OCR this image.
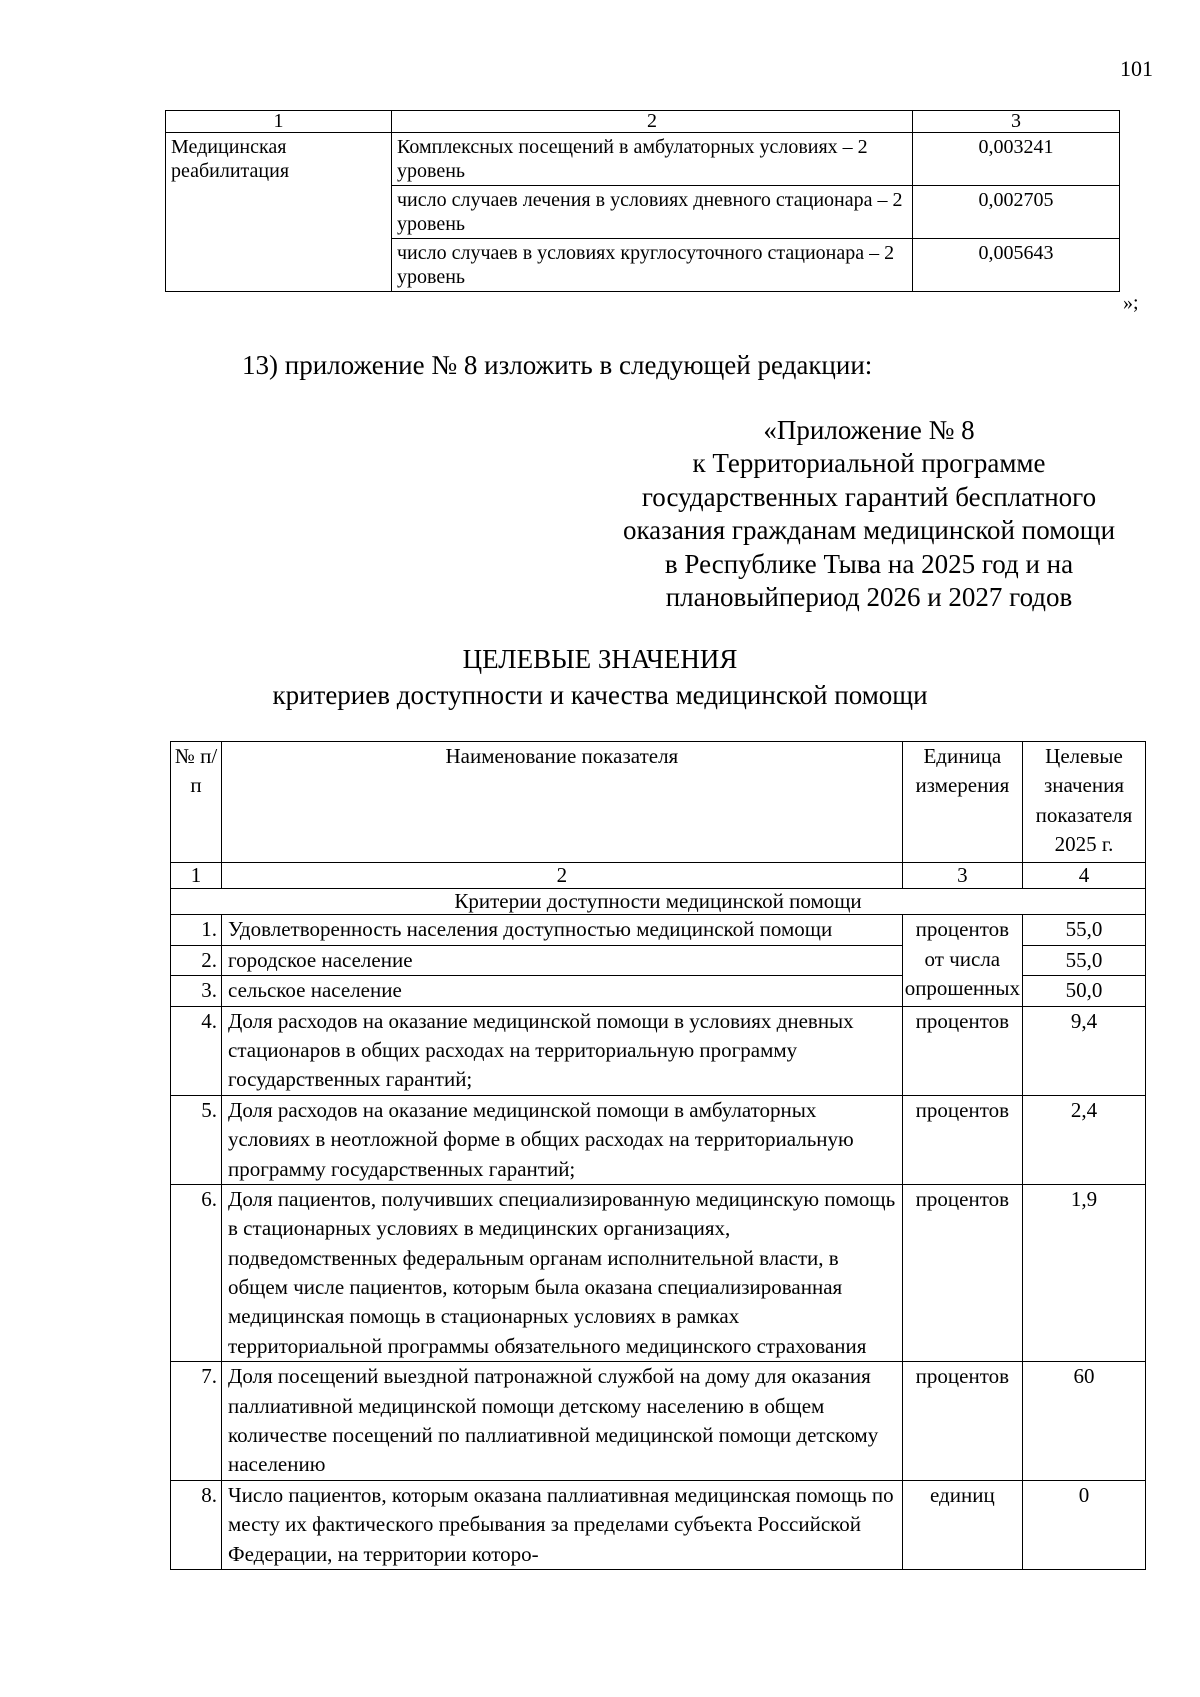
101
1	2	3
Медицинская реабилитация	Комплексных посещений в амбулаторных условиях – 2 уровень	0,003241
	число случаев лечения в условиях дневного стационара – 2 уровень	0,002705
	число случаев в условиях круглосуточного стационара – 2 уровень	0,005643
»;
13) приложение № 8 изложить в следующей редакции:
«Приложение № 8
к Территориальной программе
государственных гарантий бесплатного
оказания гражданам медицинской помощи
в Республике Тыва на 2025 год и на
плановыйпериод 2026 и 2027 годов
ЦЕЛЕВЫЕ ЗНАЧЕНИЯ
критериев доступности и качества медицинской помощи
№ п/п	Наименование показателя	Единица измерения	Целевые значения показателя 2025 г.
1	2	3	4
Критерии доступности медицинской помощи			
1.	Удовлетворенность населения доступностью медицинской помощи	процентов от числа опрошенных	55,0
2.	городское население		55,0
3.	сельское население		50,0
4.	Доля расходов на оказание медицинской помощи в условиях дневных стационаров в общих расходах на территориальную программу государственных гарантий;	процентов	9,4
5.	Доля расходов на оказание медицинской помощи в амбулаторных условиях в неотложной форме в общих расходах на территориальную программу государственных гарантий;	процентов	2,4
6.	Доля пациентов, получивших специализированную медицинскую помощь в стационарных условиях в медицинских организациях, подведомственных федеральным органам исполнительной власти, в общем числе пациентов, которым была оказана специализированная медицинская помощь в стационарных условиях в рамках территориальной программы обязательного медицинского страхования	процентов	1,9
7.	Доля посещений выездной патронажной службой на дому для оказания паллиативной медицинской помощи детскому населению в общем количестве посещений по паллиативной медицинской помощи детскому населению	процентов	60
8.	Число пациентов, которым оказана паллиативная медицинская помощь по месту их фактического пребывания за пределами субъекта Российской Федерации, на территории которо-	единиц	0
